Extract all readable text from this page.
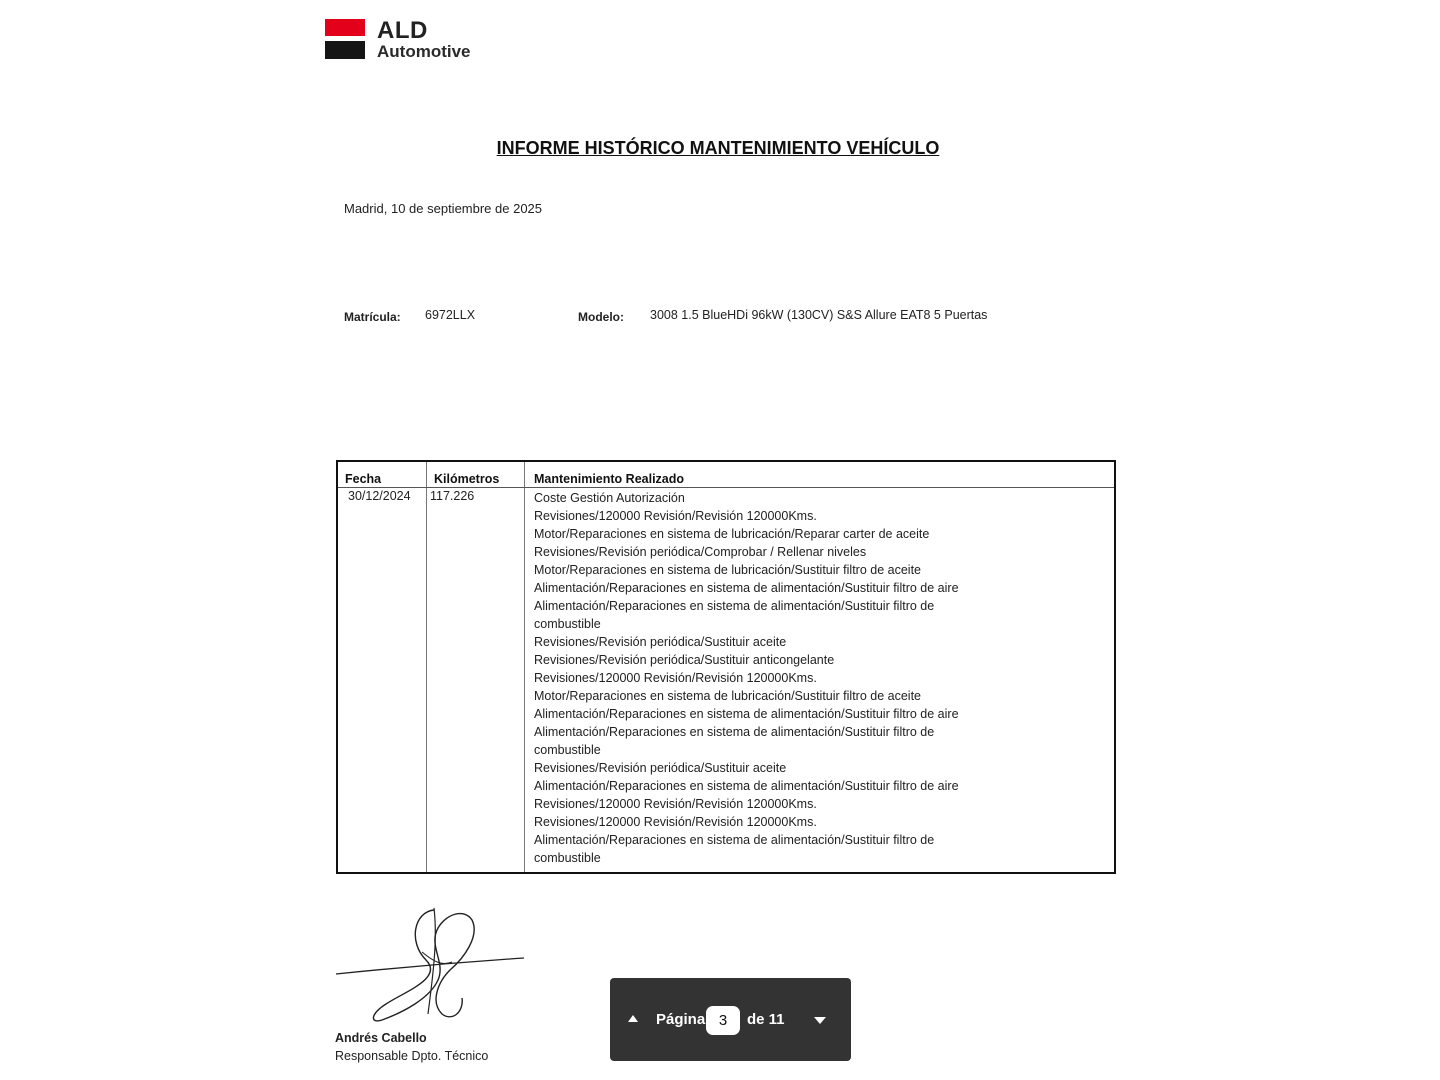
ALD
Automotive
INFORME HISTÓRICO MANTENIMIENTO VEHÍCULO
Madrid, 10 de septiembre de 2025
Matrícula: 6972LLX	Modelo: 3008 1.5 BlueHDi 96kW (130CV) S&S Allure EAT8 5 Puertas
Fecha	Kilómetros	Mantenimiento Realizado
30/12/2024 117.226	Coste Gestión Autorización
Revisiones/120000 Revisión/Revisión 120000Kms.
Motor/Reparaciones en sistema de lubricación/Reparar carter de aceite
Revisiones/Revisión periódica/Comprobar / Rellenar niveles
Motor/Reparaciones en sistema de lubricación/Sustituir filtro de aceite
Alimentación/Reparaciones en sistema de alimentación/Sustituir filtro de aire
Alimentación/Reparaciones en sistema de alimentación/Sustituir filtro de
combustible
Revisiones/Revisión periódica/Sustituir aceite
Revisiones/Revisión periódica/Sustituir anticongelante
Revisiones/120000 Revisión/Revisión 120000Kms.
Motor/Reparaciones en sistema de lubricación/Sustituir filtro de aceite
Alimentación/Reparaciones en sistema de alimentación/Sustituir filtro de aire
Alimentación/Reparaciones en sistema de alimentación/Sustituir filtro de
combustible
Revisiones/Revisión periódica/Sustituir aceite
Alimentación/Reparaciones en sistema de alimentación/Sustituir filtro de aire
Revisiones/120000 Revisión/Revisión 120000Kms.
Revisiones/120000 Revisión/Revisión 120000Kms.
Alimentación/Reparaciones en sistema de alimentación/Sustituir filtro de
combustible
Andrés Cabello
Responsable Dpto. Técnico
Página
3	de 11
